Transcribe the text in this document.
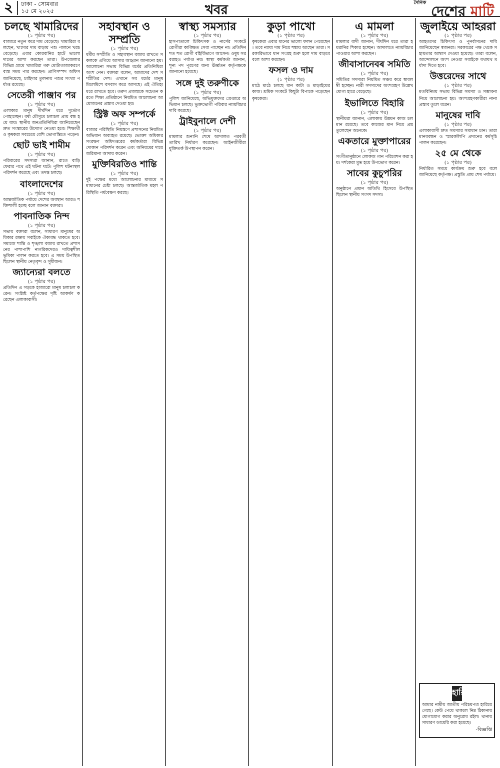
২	ঢাকা - সোমবার
১৫ মে ২০২৫	খবর	$^{দৈনিক}$ দেশের মাটি
চলছে খামারিদের
(১ পৃষ্ঠার পর)
বাজারে নতুন করে দাম বেড়েছে। খামারিরা বলছেন, খাদ্যের দাম বাড়ায় পশু পালনে খরচ বেড়েছে। এবার কোরবানির হাটে ভালো দামের আশা করছেন তারা। উপজেলার বিভিন্ন গ্রামে খামারিরা গরু মোটাতাজাকরণে ব্যস্ত সময় পার করছেন। প্রাণিসম্পদ অফিস জানিয়েছে, চাহিদার তুলনায় পশুর সংখ্যা পর্যাপ্ত রয়েছে।
সেতেরী পাঞ্জাব পর
(১ পৃষ্ঠার পর)
এলাকার মানুষ দীর্ঘদিন ধরে দুর্ভোগ পোহাচ্ছেন। বর্ষা মৌসুমে চলাচল প্রায় বন্ধ হয়ে যায়। স্থানীয় জনপ্রতিনিধিরা জানিয়েছেন দ্রুত সংস্কারের উদ্যোগ নেওয়া হবে। শিক্ষার্থী ও কৃষকরা সবচেয়ে বেশি ভোগান্তিতে পড়েন।
ছোট ভাই শামীম
(১ পৃষ্ঠার পর)
পরিবারের সদস্যরা জানান, রাতে বাড়ি ফেরার পথে এই ঘটনা ঘটে। পুলিশ ঘটনাস্থল পরিদর্শন করেছে এবং তদন্ত চলছে।
বাংলাদেশের
(১ পৃষ্ঠার পর)
আন্তর্জাতিক পর্যায়ে দেশের অবস্থান আরও শক্তিশালী হচ্ছে বলে জানান বক্তারা।
পাবনাতিক নিন্দ
(১ পৃষ্ঠার পর)
সভায় বক্তারা বলেন, সাধারণ মানুষের অধিকার রক্ষায় সবাইকে ঐক্যবদ্ধ থাকতে হবে। সমাজে শান্তি ও শৃঙ্খলা বজায় রাখতে প্রশাসনের পাশাপাশি নাগরিকদেরও দায়িত্বশীল ভূমিকা পালন করতে হবে। এ সময় উপস্থিত ছিলেন স্থানীয় নেতৃবৃন্দ ও সুধীজন।
জ্যান্যেরা বলতে
(১ পৃষ্ঠার পর)
প্রতিদিন এ সড়কে হাজারো মানুষ চলাচল করেন। সংশ্লিষ্ট কর্তৃপক্ষের দৃষ্টি আকর্ষণ করেছেন এলাকাবাসী।
সহাবস্থান ও সম্প্রতি
(১ পৃষ্ঠার পর)
ধর্মীয় সম্প্রীতি ও সহাবস্থান বজায় রাখতে সকলকে এগিয়ে আসার আহ্বান জানানো হয়। আলোচনা সভায় বিভিন্ন ধর্মের প্রতিনিধিরা অংশ নেন। বক্তারা বলেন, আমাদের দেশ সম্প্রীতির দেশ। এখানে সব ধর্মের মানুষ মিলেমিশে বসবাস করে আসছে। এই ঐতিহ্য ধরে রাখতে হবে। তরুণ প্রজন্মকে সচেতন করতে শিক্ষা প্রতিষ্ঠানে নিয়মিত আলোচনা আয়োজনের প্রস্তাব দেওয়া হয়।
স্ট্রিক্ট অফ সম্পর্কে
(১ পৃষ্ঠার পর)
বাজার পরিস্থিতি নিয়ন্ত্রণে প্রশাসনের নিয়মিত অভিযান অব্যাহত রয়েছে। ভোক্তা অধিকার সংরক্ষণ অধিদপ্তরের কর্মকর্তারা বিভিন্ন দোকান পরিদর্শন করেন এবং অনিয়মের দায়ে জরিমানা আদায় করেন।
মুক্তিবিরতিও শান্তি
(১ পৃষ্ঠার পর)
দুই পক্ষের মধ্যে আলোচনার মাধ্যমে সমাধানের চেষ্টা চলছে। আন্তর্জাতিক মহল পরিস্থিতি পর্যবেক্ষণ করছে।
স্বাস্থ্য সমস্যার
(১ পৃষ্ঠার পর)
হাসপাতালে চিকিৎসক ও নার্সের সংকটে রোগীরা কাঙ্ক্ষিত সেবা পাচ্ছেন না। প্রতিদিন শত শত রোগী বহির্বিভাগে আসেন। ওষুধ সরবরাহও পর্যাপ্ত নয়। স্বাস্থ্য কর্মকর্তা জানান, শূন্য পদ পূরণের জন্য ঊর্ধ্বতন কর্তৃপক্ষকে জানানো হয়েছে।
সঙ্গে দুই তরুণীকে
(১ পৃষ্ঠার পর)
পুলিশ জানিয়েছে, অভিযুক্তদের গ্রেপ্তারে অভিযান চলছে। ভুক্তভোগী পরিবার ন্যায়বিচার দাবি করেছে।
ট্রাইবুনালে দেশী
(১ পৃষ্ঠার পর)
মামলার শুনানি শেষে আদালত পরবর্তী তারিখ নির্ধারণ করেছেন। আইনজীবীরা যুক্তিতর্ক উপস্থাপন করেন।
কুড়া পাখো
(১ পৃষ্ঠার পর)
কৃষকেরা এবার ধানের ভালো ফলন পেয়েছেন। তবে ন্যায্য দাম নিয়ে শঙ্কায় আছেন তারা। সরকারিভাবে ধান সংগ্রহ শুরু হলে দাম বাড়বে বলে আশা করছেন।
ফসল ও দাম
(১ পৃষ্ঠার পর)
মাঠে মাঠে চলছে ধান কাটা ও মাড়াইয়ের কাজ। শ্রমিক সংকটে কিছুটা বিপাকে পড়েছেন কৃষকেরা।
এ মামলা
(১ পৃষ্ঠার পর)
মামলার বাদী জানান, দীর্ঘদিন ধরে তারা হয়রানির শিকার হচ্ছেন। আদালতে ন্যায়বিচার পাওয়ার আশা করছেন।
জীবাসানেবৰ সমিতি
(১ পৃষ্ঠার পর)
সমিতির সদস্যরা নিয়মিত সঞ্চয় করে স্বাবলম্বী হচ্ছেন। নারী সদস্যদের অংশগ্রহণ উল্লেখযোগ্য হারে বেড়েছে।
ইভালিতে বিহারি
(১ পৃষ্ঠার পর)
স্থানীয়রা জানান, এলাকায় উন্নয়ন কাজ চলমান রয়েছে। তবে কাজের মান নিয়ে প্রশ্ন তুলেছেন অনেকে।
একতারে মুক্তাপারের
(১ পৃষ্ঠার পর)
সংগীতানুষ্ঠানে লোকজ গান পরিবেশন করা হয়। দর্শকেরা মুগ্ধ হয়ে উপভোগ করেন।
সাবের কুচুপরির
(১ পৃষ্ঠার পর)
অনুষ্ঠানে প্রধান অতিথি হিসেবে উপস্থিত ছিলেন স্থানীয় সংসদ সদস্য।
জুলাইয়ে আহররা
(১ পৃষ্ঠার পর)
আহতদের চিকিৎসা ও পুনর্বাসনের দাবি জানিয়েছেন স্বজনরা। সরকারের পক্ষ থেকে সহায়তার আশ্বাস দেওয়া হয়েছে। তারা বলেন, আন্দোলনে অংশ নেওয়া সবাইকে যথাযথ মর্যাদা দিতে হবে।
উত্তরেদের সাথে
(১ পৃষ্ঠার পর)
মতবিনিময় সভায় বিভিন্ন সমস্যা ও সম্ভাবনা নিয়ে আলোচনা হয়। অংশগ্রহণকারীরা নানা প্রস্তাব তুলে ধরেন।
মানুষের দাবি
(১ পৃষ্ঠার পর)
এলাকাবাসী দ্রুত সমস্যার সমাধান চান। তারা মানববন্ধন ও স্মারকলিপি প্রদানের কর্মসূচি পালন করেছেন।
২৫ মে থেকে
(১ পৃষ্ঠার পর)
নির্ধারিত সময়ে কার্যক্রম শুরু হবে বলে জানিয়েছে কর্তৃপক্ষ। প্রস্তুতি প্রায় শেষ পর্যায়ে।
হারিয়েছে
আমার নামীয় জাতীয় পরিচয়পত্র হারিয়ে গেছে। কেউ পেয়ে থাকলে নিম্ন ঠিকানায় যোগাযোগ করার অনুরোধ রইল। থানায় সাধারণ ডায়েরি করা হয়েছে।
-বিজ্ঞপ্তি
